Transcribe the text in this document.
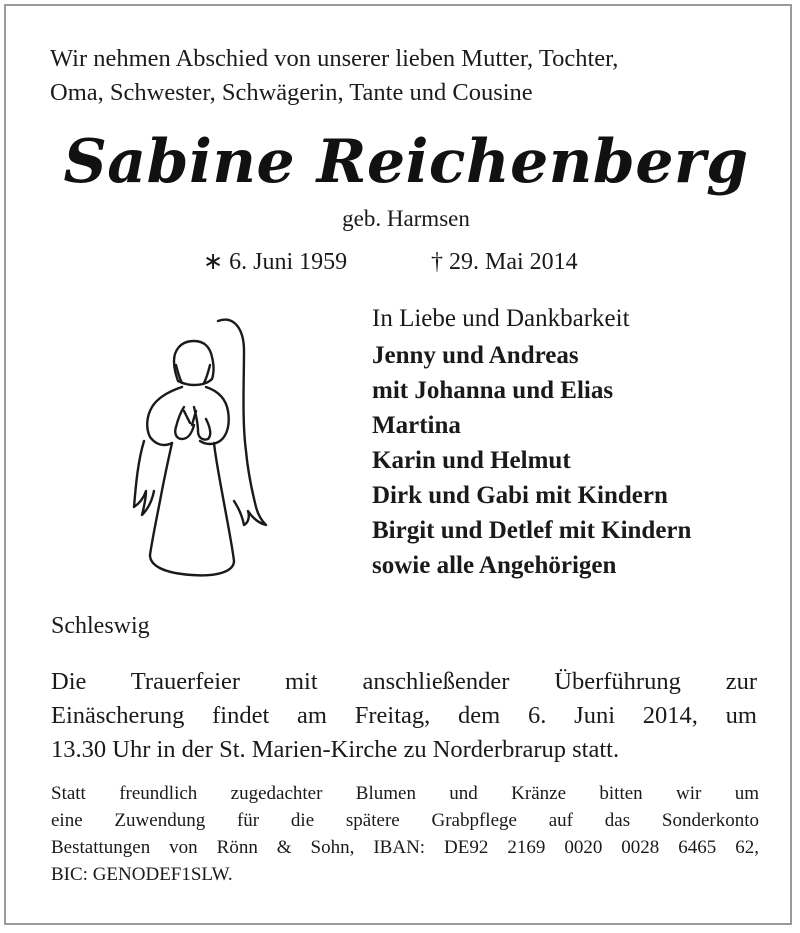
Wir nehmen Abschied von unserer lieben Mutter, Tochter,
Oma, Schwester, Schwägerin, Tante und Cousine
Sabine Reichenberg
geb. Harmsen
∗ 6. Juni 1959	† 29. Mai 2014
In Liebe und Dankbarkeit
Jenny und Andreas
mit Johanna und Elias
Martina
Karin und Helmut
Dirk und Gabi mit Kindern
Birgit und Detlef mit Kindern
sowie alle Angehörigen
Schleswig
Die Trauerfeier mit anschließender Überführung zur
Einäscherung findet am Freitag, dem 6. Juni 2014, um
13.30 Uhr in der St. Marien-Kirche zu Norderbrarup statt.
Statt freundlich zugedachter Blumen und Kränze bitten wir um
eine Zuwendung für die spätere Grabpflege auf das Sonderkonto
Bestattungen von Rönn & Sohn, IBAN: DE92 2169 0020 0028 6465 62,
BIC: GENODEF1SLW.
